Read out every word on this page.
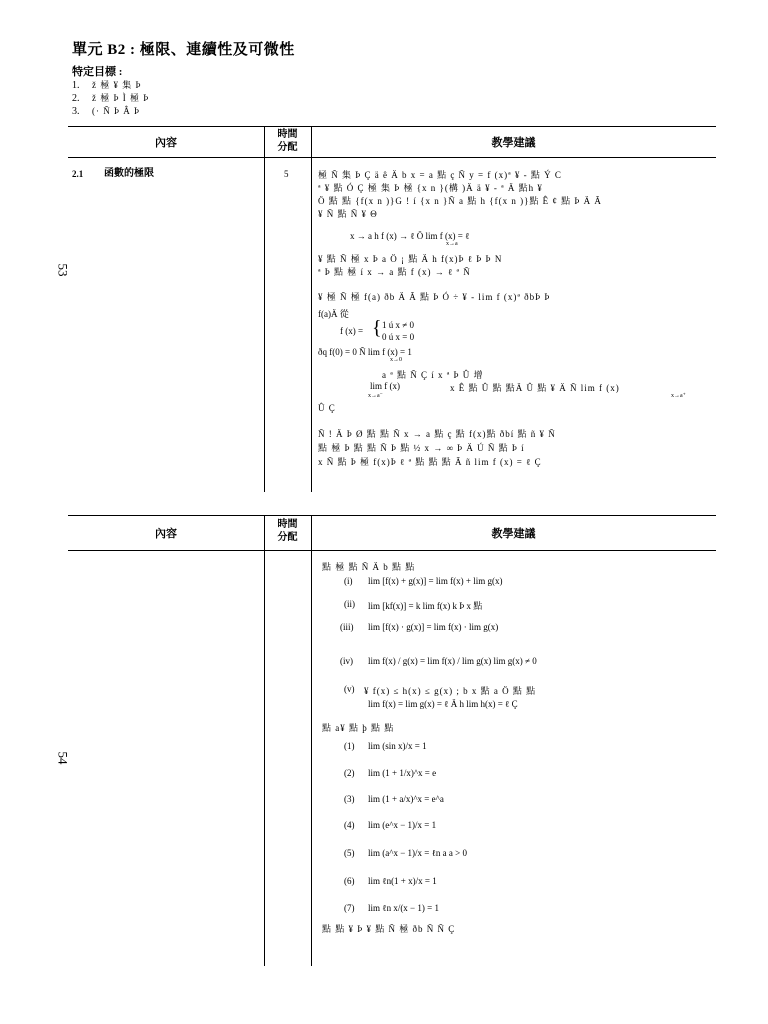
單元 B2 : 極限、連續性及可微性
特定目標 :
1. ž 極 ¥ 集 Þ
2. ž 極 Þ Ì 極 Þ
3. (· Ñ Þ Â Þ
內容
時間
分配	教學建議
2.1 函數的極限	5
53
極 Ñ 集 Þ Ç ä ê Ä b x = a 點 ç Ñ y = f (x)ª ¥ - 點 Ý C
ª ¥ 點 Ó Ç 極 集 Þ 極 {x n }(構 )Ä ä ¥ - ª Ä 點h ¥
Ö 點 點 {f(x n )}G ! í {x n }Ñ a 點 h {f(x n )}點 Ê ¢ 點 Þ Ä Ã
¥ Ñ 點 Ñ ¥ Θ
x → a h f (x) → ℓ Ö lim f (x) = ℓ
x→a
¥ 點 Ñ 極 x Þ a Ö ¡ 點 Ä h f(x)Þ ℓ Þ Þ N
ª Þ 點 極 í x → a 點 f (x) → ℓ ª Ñ
¥ 極 Ñ 極 f(a) ðb Ä Ã 點 Þ Ó ÷ ¥ - lim f (x)ª ðbÞ Þ
f(a)Ä 從
f (x) = { 1 ú x ≠ 0
0 ú x = 0
ðq f(0) = 0 Ñ lim f (x) = 1
x→0
a ª 點 Ñ Ç í x ª Þ Û 增
lim f (x)
x→a⁻
x Ê 點 Û 點 點Ä Û 點 ¥ Ä Ñ lim f (x)
x→a⁺
Û Ç
Ñ ! Ä Þ Ø 點 點 Ñ x → a 點 ç 點 f(x)點 ðbí 點 ñ ¥ Ñ
點 極 Þ 點 點 Ñ Þ 點 ½ x → ∞ Þ Ä Ú Ñ 點 Þ í
x Ñ 點 Þ 極 f(x)Þ ℓ ª 點 點 點 Ã ñ lim f (x) = ℓ Ç
內容
時間
分配	教學建議
54
點 極 點 Ñ Ä b 點 點
(i) lim [f(x) + g(x)] = lim f(x) + lim g(x)
(ii) lim [kf(x)] = k lim f(x) k Þ x 點
(iii) lim [f(x) · g(x)] = lim f(x) · lim g(x)
(iv) lim f(x) / g(x) = lim f(x) / lim g(x) lim g(x) ≠ 0
(v) ¥ f(x) ≤ h(x) ≤ g(x) ; b x 點 a Ö 點 點
lim f(x) = lim g(x) = ℓ Ä h lim h(x) = ℓ Ç
點 a¥ 點 þ 點 點
(1) lim (sin x)/x = 1
(2) lim (1 + 1/x)^x = e
(3) lim (1 + a/x)^x = e^a
(4) lim (e^x − 1)/x = 1
(5) lim (a^x − 1)/x = ℓn a a > 0
(6) lim ℓn(1 + x)/x = 1
(7) lim ℓn x/(x − 1) = 1
點 點 ¥ Þ ¥ 點 Ñ 極 ðb Ñ Ñ Ç
